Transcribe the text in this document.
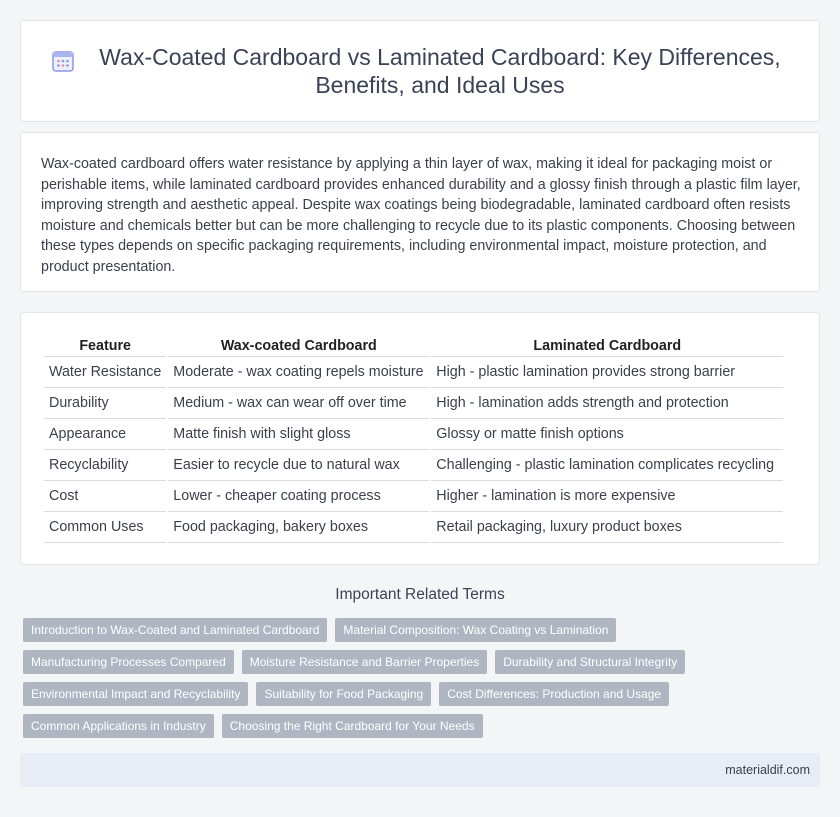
Wax-Coated Cardboard vs Laminated Cardboard: Key Differences, Benefits, and Ideal Uses

Wax-coated cardboard offers water resistance by applying a thin layer of wax, making it ideal for packaging moist or perishable items, while laminated cardboard provides enhanced durability and a glossy finish through a plastic film layer, improving strength and aesthetic appeal. Despite wax coatings being biodegradable, laminated cardboard often resists moisture and chemicals better but can be more challenging to recycle due to its plastic components. Choosing between these types depends on specific packaging requirements, including environmental impact, moisture protection, and product presentation.

Feature	Wax-coated Cardboard	Laminated Cardboard
Water Resistance	Moderate - wax coating repels moisture	High - plastic lamination provides strong barrier
Durability	Medium - wax can wear off over time	High - lamination adds strength and protection
Appearance	Matte finish with slight gloss	Glossy or matte finish options
Recyclability	Easier to recycle due to natural wax	Challenging - plastic lamination complicates recycling
Cost	Lower - cheaper coating process	Higher - lamination is more expensive
Common Uses	Food packaging, bakery boxes	Retail packaging, luxury product boxes
Important Related Terms
Introduction to Wax-Coated and Laminated Cardboard	Material Composition: Wax Coating vs Lamination
Manufacturing Processes Compared	Moisture Resistance and Barrier Properties	Durability and Structural Integrity
Environmental Impact and Recyclability	Suitability for Food Packaging	Cost Differences: Production and Usage
Common Applications in Industry	Choosing the Right Cardboard for Your Needs
materialdif.com
